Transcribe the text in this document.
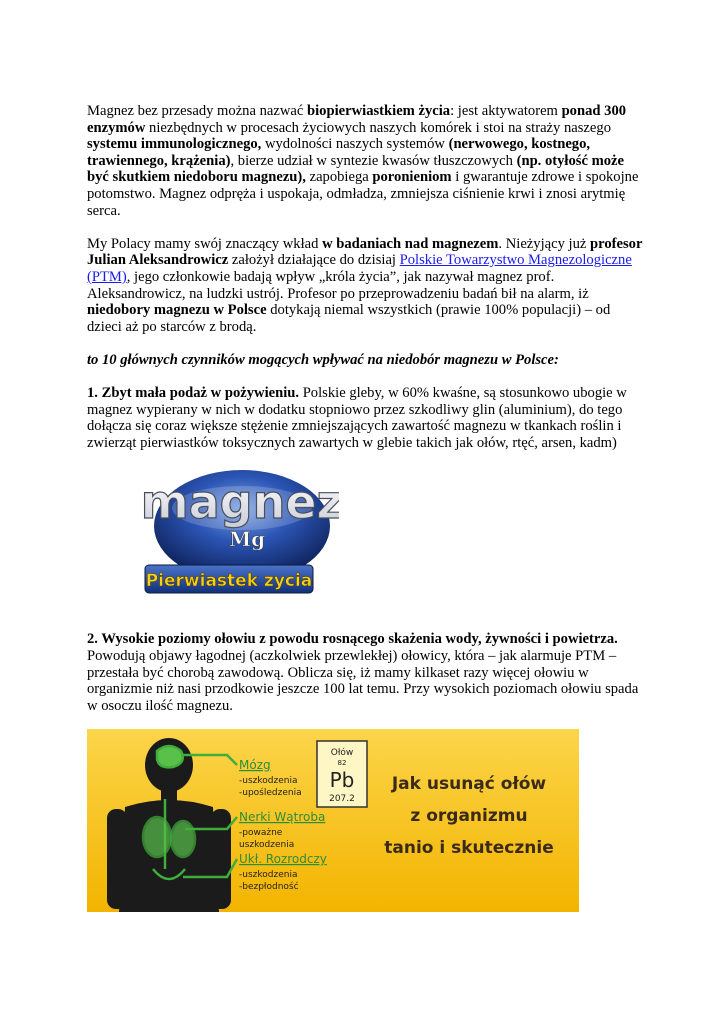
Magnez bez przesady można nazwać biopierwiastkiem życia: jest aktywatorem ponad 300 enzymów niezbędnych w procesach życiowych naszych komórek i stoi na straży naszego systemu immunologicznego, wydolności naszych systemów (nerwowego, kostnego, trawiennego, krążenia), bierze udział w syntezie kwasów tłuszczowych (np. otyłość może być skutkiem niedoboru magnezu), zapobiega poronieniom i gwarantuje zdrowe i spokojne potomstwo. Magnez odpręża i uspokaja, odmładza, zmniejsza ciśnienie krwi i znosi arytmię serca.

My Polacy mamy swój znaczący wkład w badaniach nad magnezem. Nieżyjący już profesor Julian Aleksandrowicz założył działające do dzisiaj Polskie Towarzystwo Magnezologiczne (PTM), jego członkowie badają wpływ „króla życia”, jak nazywał magnez prof. Aleksandrowicz, na ludzki ustrój. Profesor po przeprowadzeniu badań bił na alarm, iż niedobory magnezu w Polsce dotykają niemal wszystkich (prawie 100% populacji) – od dzieci aż po starców z brodą.

to 10 głównych czynników mogących wpływać na niedobór magnezu w Polsce:

1. Zbyt mała podaż w pożywieniu. Polskie gleby, w 60% kwaśne, są stosunkowo ubogie w magnez wypierany w nich w dodatku stopniowo przez szkodliwy glin (aluminium), do tego dołącza się coraz większe stężenie zmniejszających zawartość magnezu w tkankach roślin i zwierząt pierwiastków toksycznych zawartych w glebie takich jak ołów, rtęć, arsen, kadm)

magnez
Mg
Pierwiastek zycia

2. Wysokie poziomy ołowiu z powodu rosnącego skażenia wody, żywności i powietrza. Powodują objawy łagodnej (aczkolwiek przewlekłej) ołowicy, która – jak alarmuje PTM – przestała być chorobą zawodową. Oblicza się, iż mamy kilkaset razy więcej ołowiu w organizmie niż nasi przodkowie jeszcze 100 lat temu. Przy wysokich poziomach ołowiu spada w osoczu ilość magnezu.

Mózg
-uszkodzenia
-upośledzenia
Nerki Wątroba
-poważne
uszkodzenia
Ukł. Rozrodczy
-uszkodzenia
-bezpłodność
Ołów
82
Pb
207.2
Jak usunąć ołów
z organizmu
tanio i skutecznie
